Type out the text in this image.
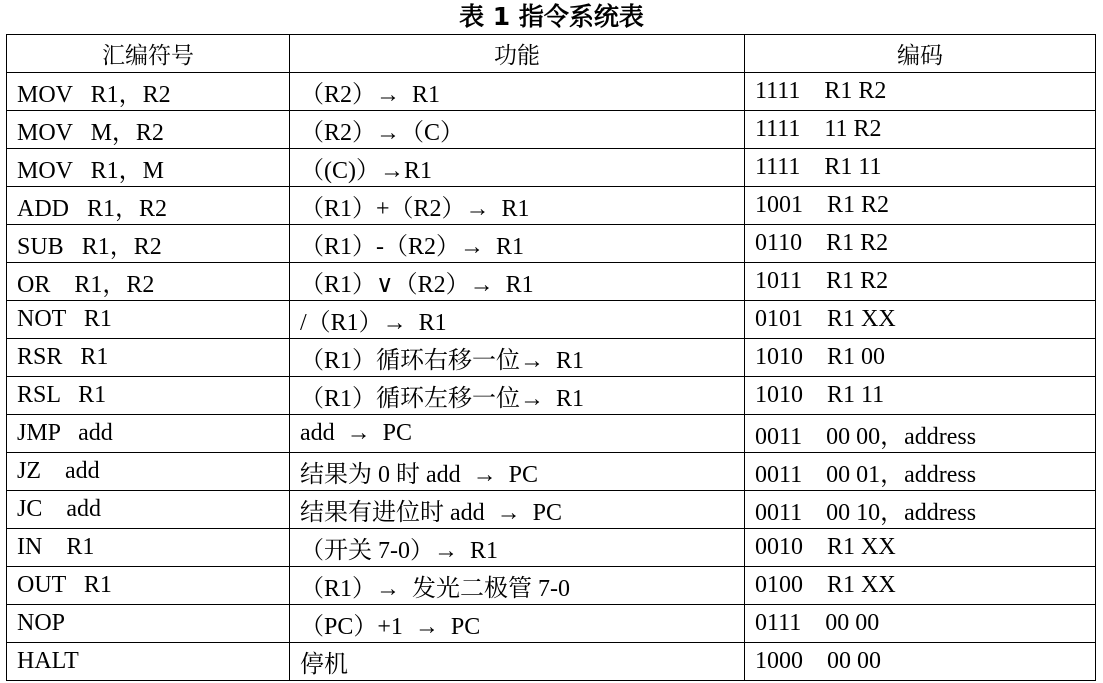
表 1 指令系统表
汇编符号	功能	编码
MOV   R1，R2	（R2）→  R1	1111    R1 R2
MOV   M，R2	（R2）→（C）	1111    11 R2
MOV   R1，M	（(C)）→R1	1111    R1 11
ADD   R1，R2	（R1）+（R2）→  R1	1001    R1 R2
SUB   R1，R2	（R1）-（R2）→  R1	0110    R1 R2
OR    R1，R2	（R1）∨（R2）→  R1	1011    R1 R2
NOT   R1	/（R1）→  R1	0101    R1 XX
RSR   R1	（R1）循环右移一位→  R1	1010    R1 00
RSL   R1	（R1）循环左移一位→  R1	1010    R1 11
JMP   add	add  →  PC	0011    00 00，address
JZ    add	结果为 0 时 add  →  PC	0011    00 01，address
JC    add	结果有进位时 add  →  PC	0011    00 10，address
IN    R1	（开关 7-0）→  R1	0010    R1 XX
OUT   R1	（R1）→  发光二极管 7-0	0100    R1 XX
NOP	（PC）+1  →  PC	0111    00 00
HALT	停机	1000    00 00
